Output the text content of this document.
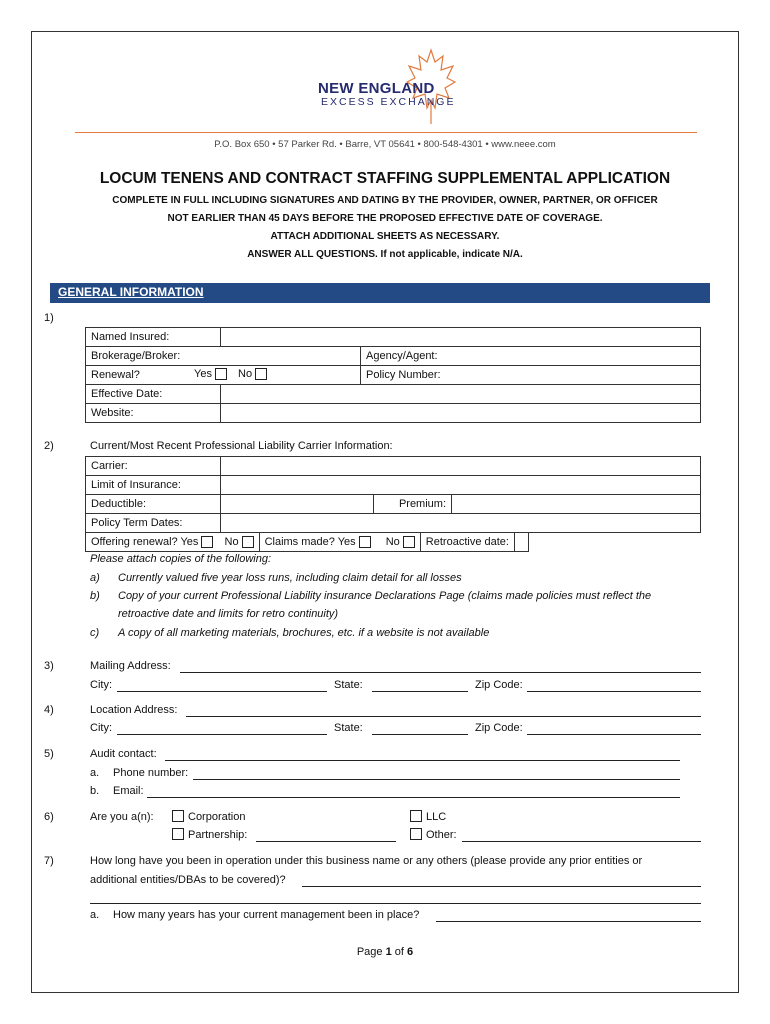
NEW ENGLAND
EXCESS EXCHANGE
P.O. Box 650 • 57 Parker Rd. • Barre, VT 05641 • 800-548-4301 • www.neee.com
LOCUM TENENS AND CONTRACT STAFFING SUPPLEMENTAL APPLICATION
COMPLETE IN FULL INCLUDING SIGNATURES AND DATING BY THE PROVIDER, OWNER, PARTNER, OR OFFICER
NOT EARLIER THAN 45 DAYS BEFORE THE PROPOSED EFFECTIVE DATE OF COVERAGE.
ATTACH ADDITIONAL SHEETS AS NECESSARY.
ANSWER ALL QUESTIONS. If not applicable, indicate N/A.
GENERAL INFORMATION
1)
Named Insured:		
Brokerage/Broker:		Agency/Agent:
Renewal? Yes No		Policy Number:
Effective Date:		
Website:		
2)	Current/Most Recent Professional Liability Carrier Information:
Carrier:			
Limit of Insurance:			
Deductible:		Premium:	
Policy Term Dates:			
Offering renewal? Yes No	Claims made? Yes	No	Retroactive date:	
Please attach copies of the following:
a) Currently valued five year loss runs, including claim detail for all losses
b) Copy of your current Professional Liability insurance Declarations Page (claims made policies must reflect the
retroactive date and limits for retro continuity)
c) A copy of all marketing materials, brochures, etc. if a website is not available
3)	Mailing Address:
City:	State:	Zip Code:
4)	Location Address:
City:	State:	Zip Code:
5)	Audit contact:
a. Phone number:
b. Email:
6)	Are you a(n):	Corporation	LLC
Partnership:	Other:
7)	How long have you been in operation under this business name or any others (please provide any prior entities or
additional entities/DBAs to be covered)?
a. How many years has your current management been in place?
Page 1 of 6
